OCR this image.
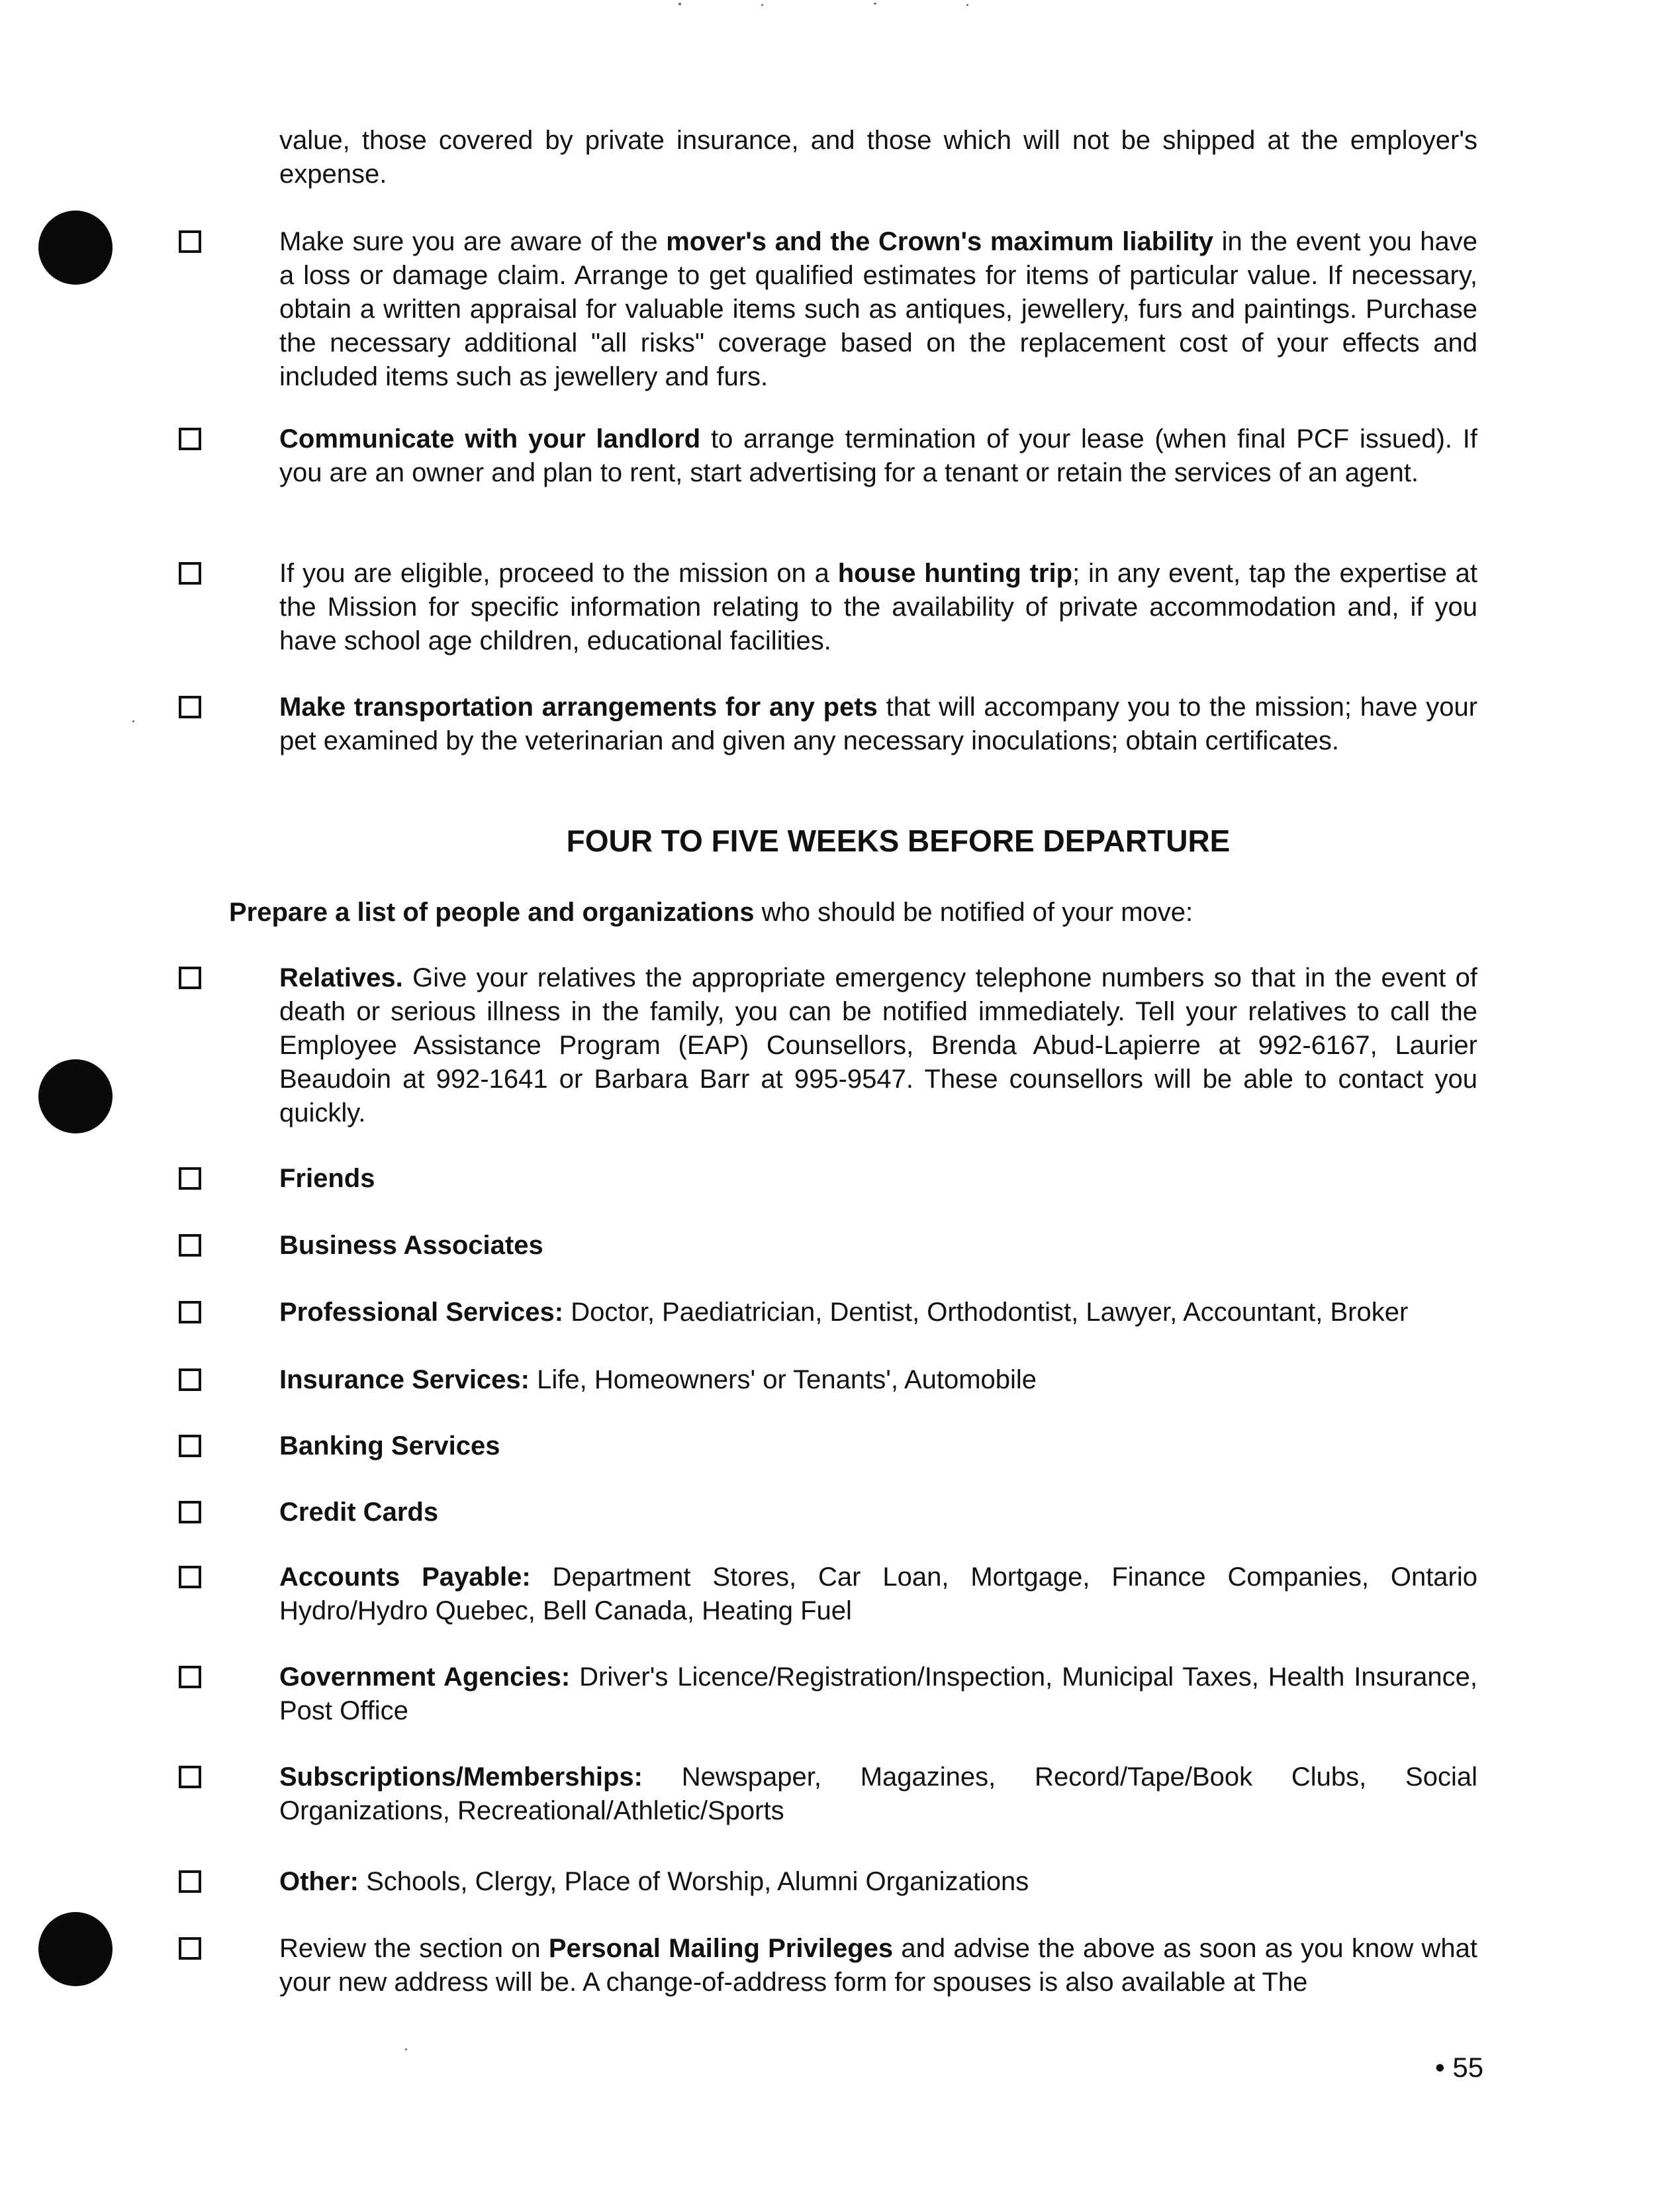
value, those covered by private insurance, and those which will not be shipped at the employer's expense.
Make sure you are aware of the mover's and the Crown's maximum liability in the event you have a loss or damage claim. Arrange to get qualified estimates for items of particular value. If necessary, obtain a written appraisal for valuable items such as antiques, jewellery, furs and paintings. Purchase the necessary additional "all risks" coverage based on the replacement cost of your effects and included items such as jewellery and furs.
Communicate with your landlord to arrange termination of your lease (when final PCF issued). If you are an owner and plan to rent, start advertising for a tenant or retain the services of an agent.
If you are eligible, proceed to the mission on a house hunting trip; in any event, tap the expertise at the Mission for specific information relating to the availability of private accommodation and, if you have school age children, educational facilities.
Make transportation arrangements for any pets that will accompany you to the mission; have your pet examined by the veterinarian and given any necessary inoculations; obtain certificates.
FOUR TO FIVE WEEKS BEFORE DEPARTURE
Prepare a list of people and organizations who should be notified of your move:
Relatives. Give your relatives the appropriate emergency telephone numbers so that in the event of death or serious illness in the family, you can be notified immediately. Tell your relatives to call the Employee Assistance Program (EAP) Counsellors, Brenda Abud-Lapierre at 992-6167, Laurier Beaudoin at 992-1641 or Barbara Barr at 995-9547. These counsellors will be able to contact you quickly.
Friends
Business Associates
Professional Services: Doctor, Paediatrician, Dentist, Orthodontist, Lawyer, Accountant, Broker
Insurance Services: Life, Homeowners' or Tenants', Automobile
Banking Services
Credit Cards
Accounts Payable: Department Stores, Car Loan, Mortgage, Finance Companies, Ontario Hydro/Hydro Quebec, Bell Canada, Heating Fuel
Government Agencies: Driver's Licence/Registration/Inspection, Municipal Taxes, Health Insurance, Post Office
Subscriptions/Memberships: Newspaper, Magazines, Record/Tape/Book Clubs, Social Organizations, Recreational/Athletic/Sports
Other: Schools, Clergy, Place of Worship, Alumni Organizations
Review the section on Personal Mailing Privileges and advise the above as soon as you know what your new address will be. A change-of-address form for spouses is also available at The
• 55
